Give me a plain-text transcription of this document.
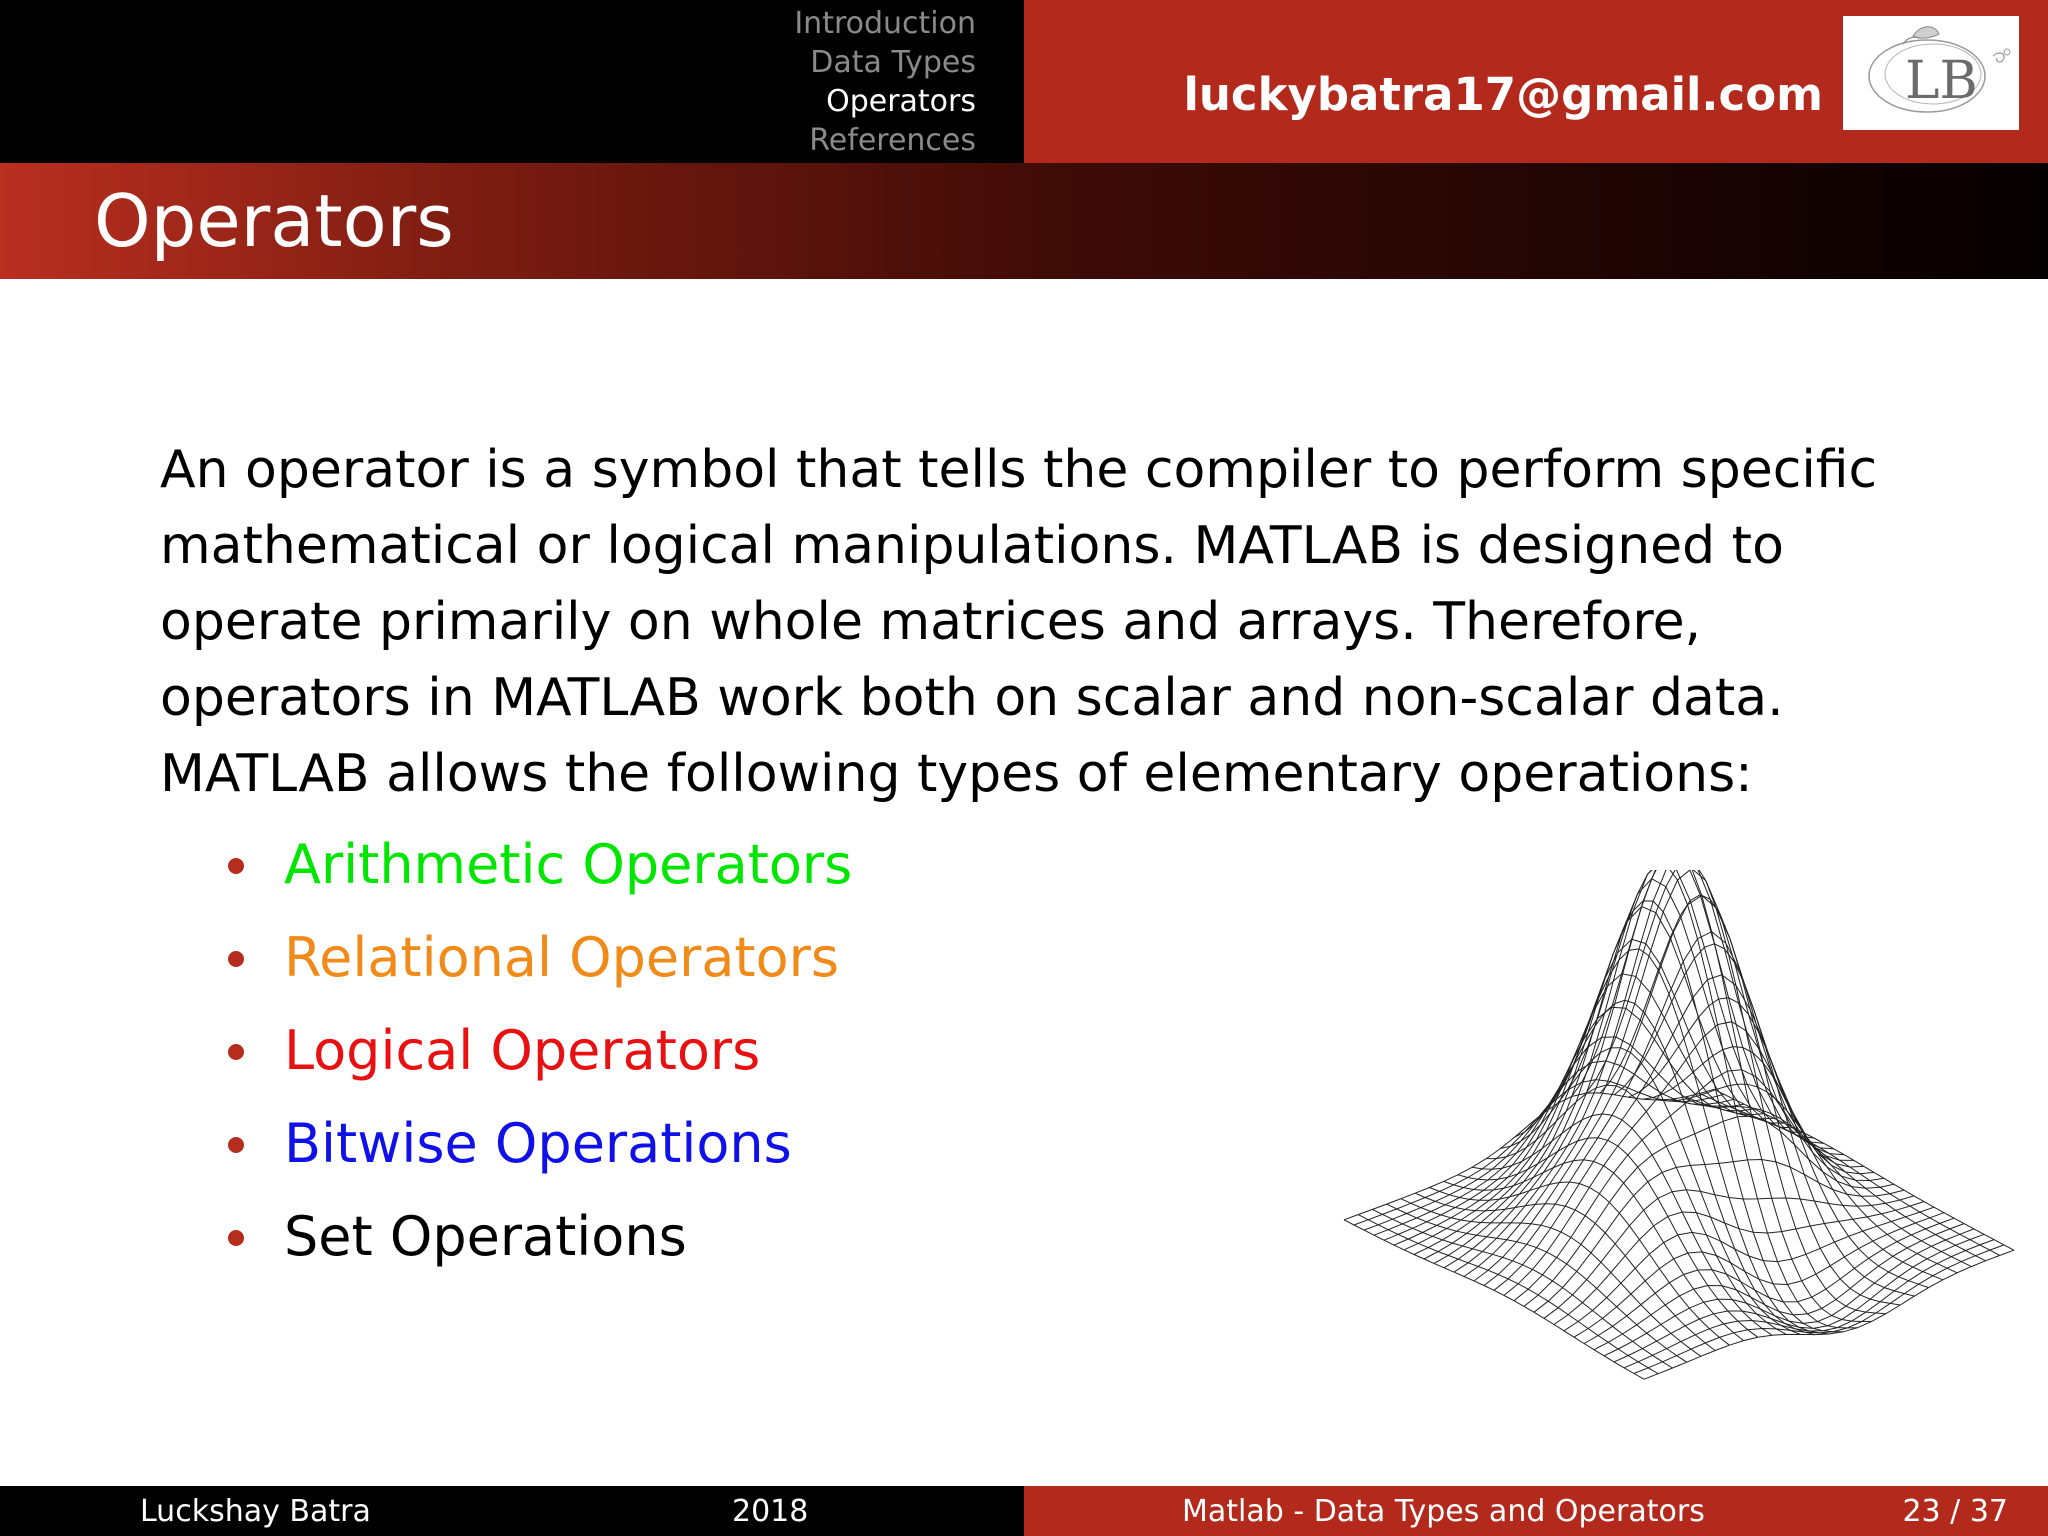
Introduction
Data Types
Operators
References
luckybatra17@gmail.com LB
Operators

An operator is a symbol that tells the compiler to perform specific mathematical or logical manipulations. MATLAB is designed to operate primarily on whole matrices and arrays. Therefore, operators in MATLAB work both on scalar and non-scalar data. MATLAB allows the following types of elementary operations:

Arithmetic Operators
Relational Operators
Logical Operators
Bitwise Operations
Set Operations
Luckshay Batra	2018	Matlab - Data Types and Operators	23 / 37
